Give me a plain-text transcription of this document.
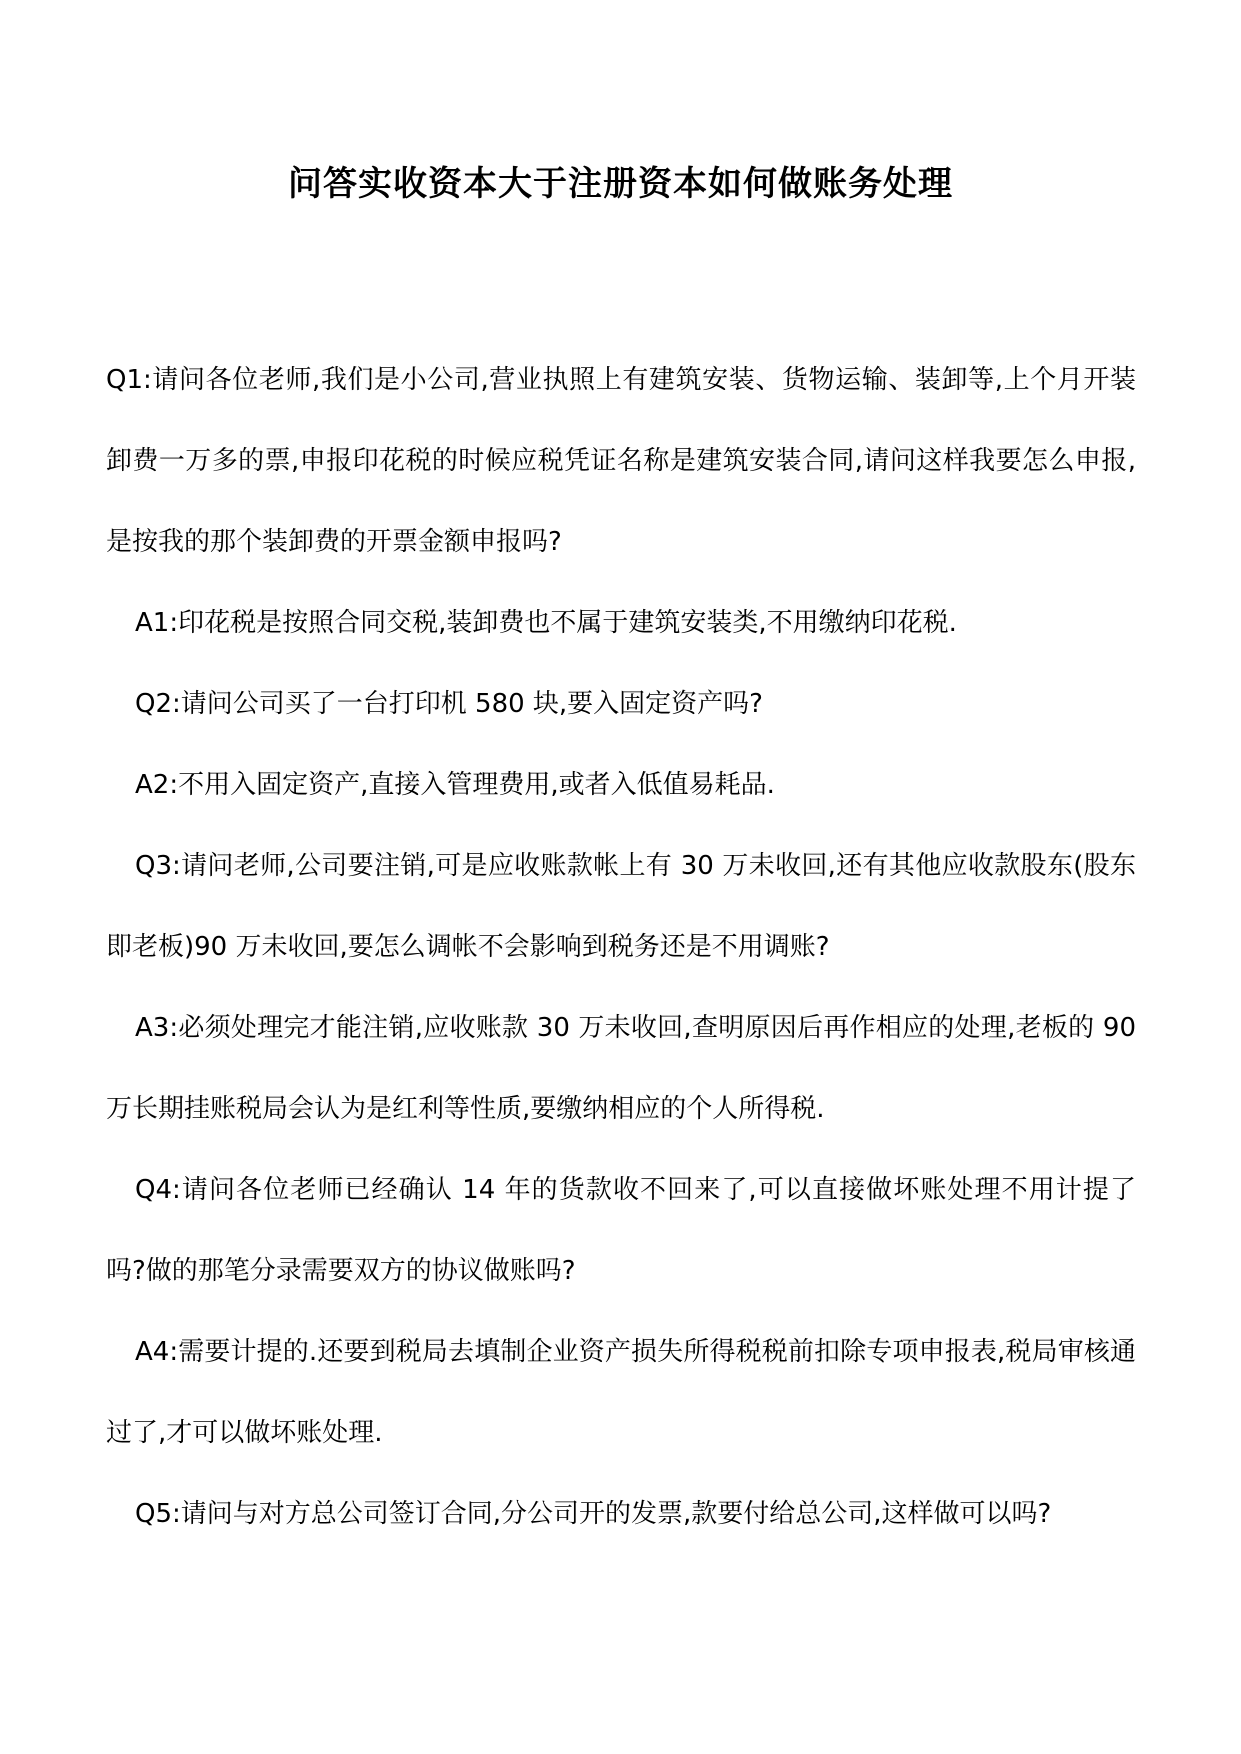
问答实收资本大于注册资本如何做账务处理

Q1:请问各位老师,我们是小公司,营业执照上有建筑安装、货物运输、装卸等,上个月开装卸费一万多的票,申报印花税的时候应税凭证名称是建筑安装合同,请问这样我要怎么申报,是按我的那个装卸费的开票金额申报吗?

A1:印花税是按照合同交税,装卸费也不属于建筑安装类,不用缴纳印花税.

Q2:请问公司买了一台打印机 580 块,要入固定资产吗?

A2:不用入固定资产,直接入管理费用,或者入低值易耗品.

Q3:请问老师,公司要注销,可是应收账款帐上有 30 万未收回,还有其他应收款股东(股东即老板)90 万未收回,要怎么调帐不会影响到税务还是不用调账?

A3:必须处理完才能注销,应收账款 30 万未收回,查明原因后再作相应的处理,老板的 90 万长期挂账税局会认为是红利等性质,要缴纳相应的个人所得税.

Q4:请问各位老师已经确认 14 年的货款收不回来了,可以直接做坏账处理不用计提了吗?做的那笔分录需要双方的协议做账吗?

A4:需要计提的.还要到税局去填制企业资产损失所得税税前扣除专项申报表,税局审核通过了,才可以做坏账处理.

Q5:请问与对方总公司签订合同,分公司开的发票,款要付给总公司,这样做可以吗?
